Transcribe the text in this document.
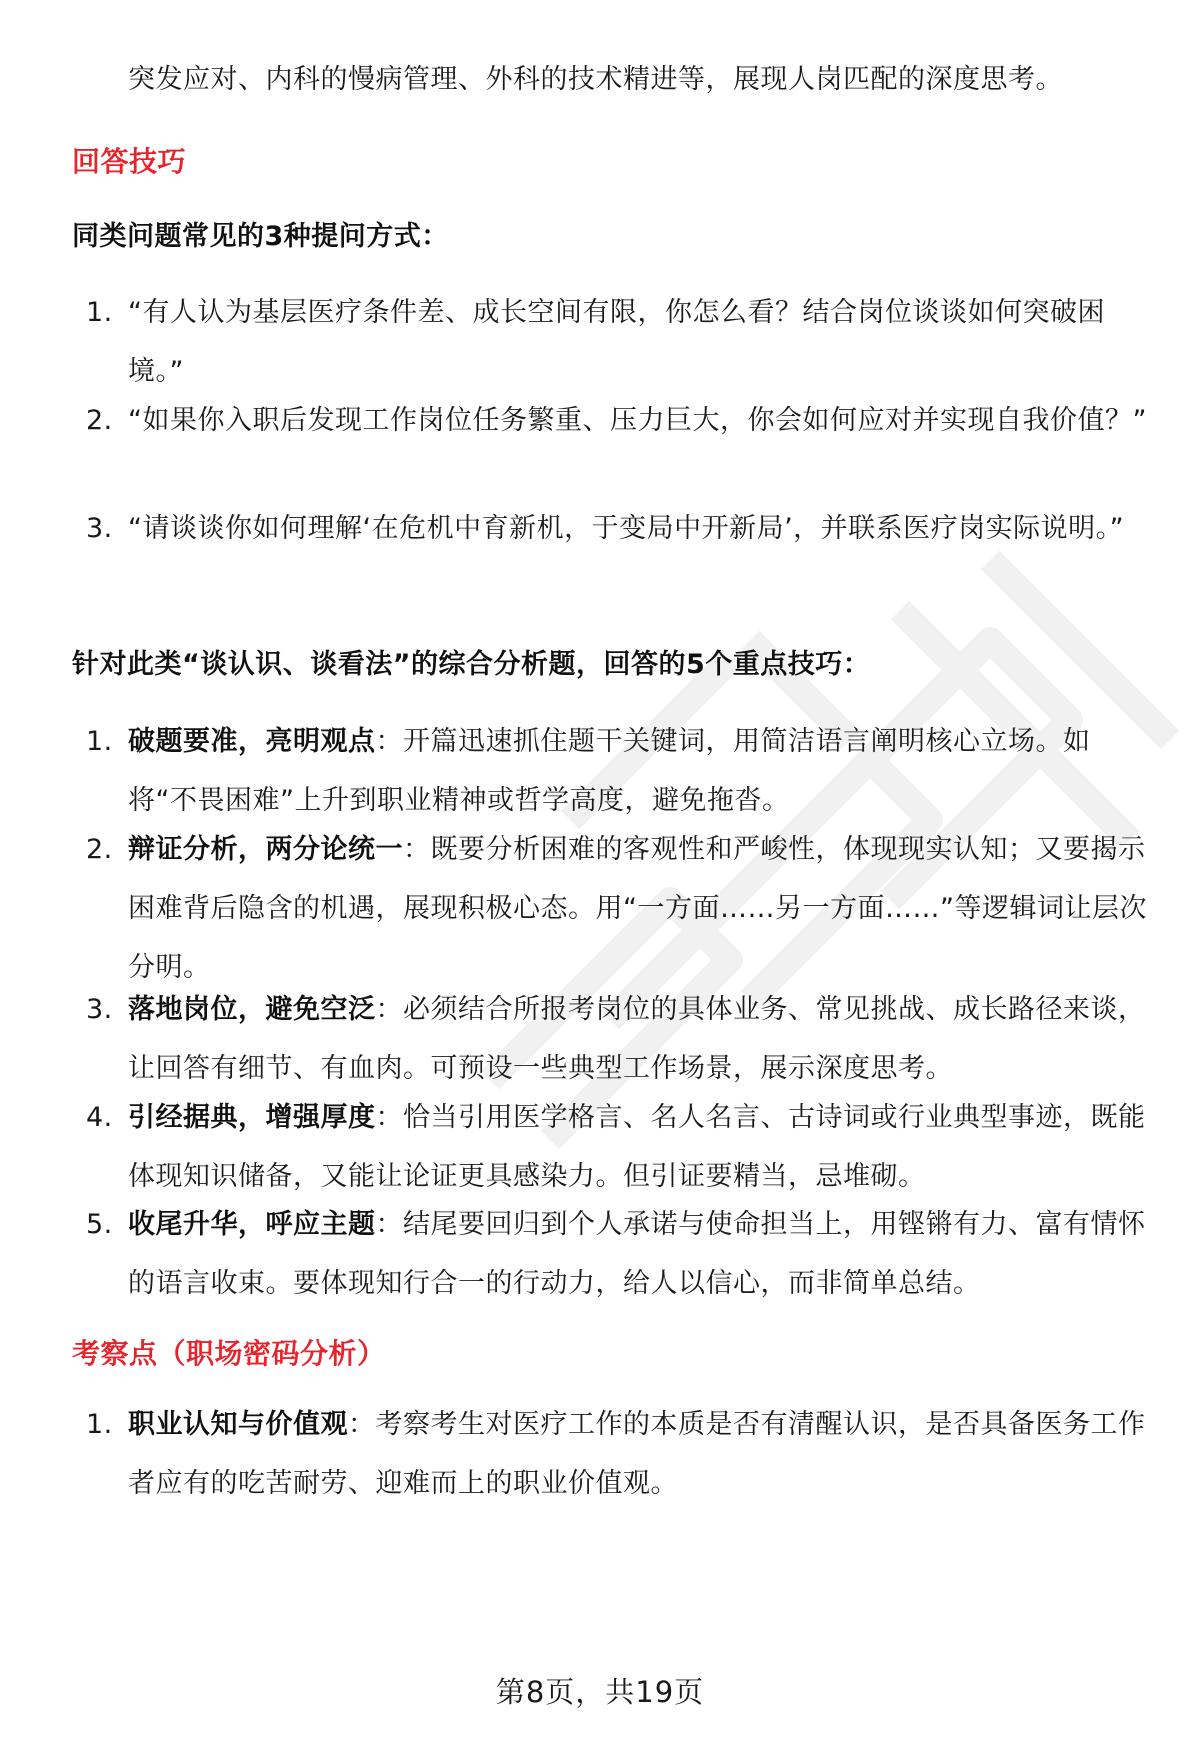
突发应对、内科的慢病管理、外科的技术精进等，展现人岗匹配的深度思考。
回答技巧
同类问题常见的3种提问方式：
1. “有人认为基层医疗条件差、成长空间有限，你怎么看？结合岗位谈谈如何突破困境。”
2. “如果你入职后发现工作岗位任务繁重、压力巨大，你会如何应对并实现自我价值？”
3. “请谈谈你如何理解‘在危机中育新机，于变局中开新局’，并联系医疗岗实际说明。”
针对此类“谈认识、谈看法”的综合分析题，回答的5个重点技巧：
1. 破题要准，亮明观点：开篇迅速抓住题干关键词，用简洁语言阐明核心立场。如将“不畏困难”上升到职业精神或哲学高度，避免拖沓。
2. 辩证分析，两分论统一：既要分析困难的客观性和严峻性，体现现实认知；又要揭示困难背后隐含的机遇，展现积极心态。用“一方面……另一方面……”等逻辑词让层次分明。
3. 落地岗位，避免空泛：必须结合所报考岗位的具体业务、常见挑战、成长路径来谈，让回答有细节、有血肉。可预设一些典型工作场景，展示深度思考。
4. 引经据典，增强厚度：恰当引用医学格言、名人名言、古诗词或行业典型事迹，既能体现知识储备，又能让论证更具感染力。但引证要精当，忌堆砌。
5. 收尾升华，呼应主题：结尾要回归到个人承诺与使命担当上，用铿锵有力、富有情怀的语言收束。要体现知行合一的行动力，给人以信心，而非简单总结。
考察点（职场密码分析）
1. 职业认知与价值观：考察考生对医疗工作的本质是否有清醒认识，是否具备医务工作者应有的吃苦耐劳、迎难而上的职业价值观。
第8页，共19页
